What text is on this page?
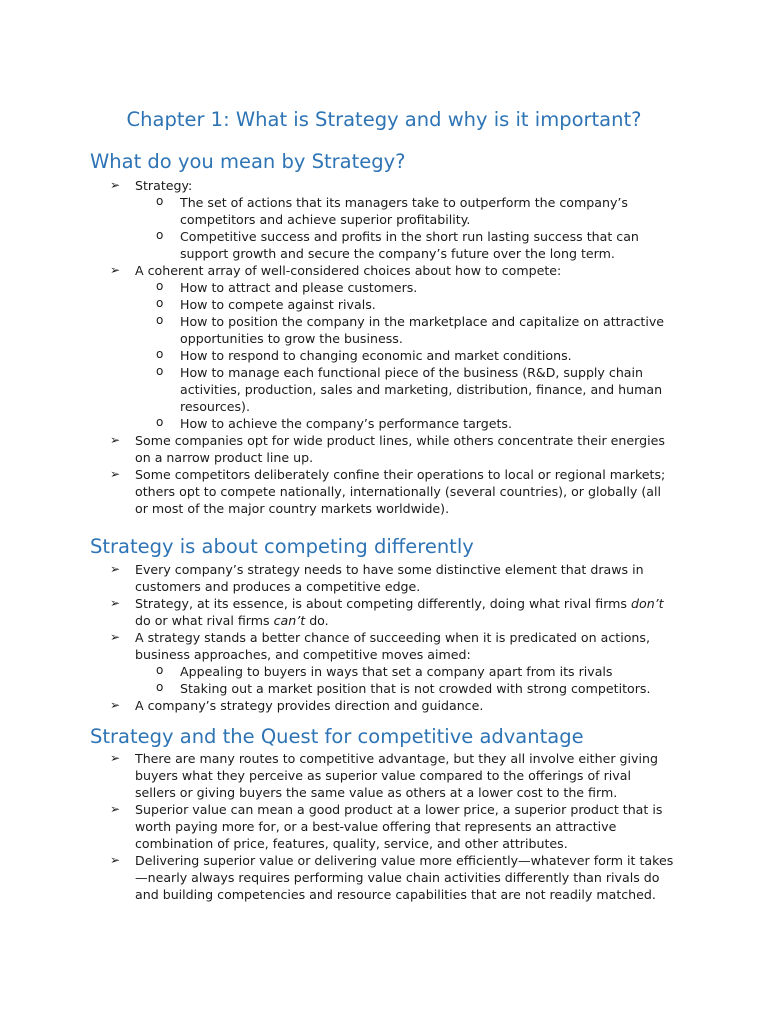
Chapter 1: What is Strategy and why is it important?
What do you mean by Strategy?
➢ Strategy:
o The set of actions that its managers take to outperform the company’s competitors and achieve superior profitability.
o Competitive success and profits in the short run lasting success that can support growth and secure the company’s future over the long term.
➢ A coherent array of well-considered choices about how to compete:
o How to attract and please customers.
o How to compete against rivals.
o How to position the company in the marketplace and capitalize on attractive opportunities to grow the business.
o How to respond to changing economic and market conditions.
o How to manage each functional piece of the business (R&D, supply chain activities, production, sales and marketing, distribution, finance, and human resources).
o How to achieve the company’s performance targets.
➢ Some companies opt for wide product lines, while others concentrate their energies on a narrow product line up.
➢ Some competitors deliberately confine their operations to local or regional markets; others opt to compete nationally, internationally (several countries), or globally (all or most of the major country markets worldwide).
Strategy is about competing differently
➢ Every company’s strategy needs to have some distinctive element that draws in customers and produces a competitive edge.
➢ Strategy, at its essence, is about competing differently, doing what rival firms don’t do or what rival firms can’t do.
➢ A strategy stands a better chance of succeeding when it is predicated on actions, business approaches, and competitive moves aimed:
o Appealing to buyers in ways that set a company apart from its rivals
o Staking out a market position that is not crowded with strong competitors.
➢ A company’s strategy provides direction and guidance.
Strategy and the Quest for competitive advantage
➢ There are many routes to competitive advantage, but they all involve either giving buyers what they perceive as superior value compared to the offerings of rival sellers or giving buyers the same value as others at a lower cost to the firm.
➢ Superior value can mean a good product at a lower price, a superior product that is worth paying more for, or a best-value offering that represents an attractive combination of price, features, quality, service, and other attributes.
➢ Delivering superior value or delivering value more efficiently—whatever form it takes—nearly always requires performing value chain activities differently than rivals do and building competencies and resource capabilities that are not readily matched.
